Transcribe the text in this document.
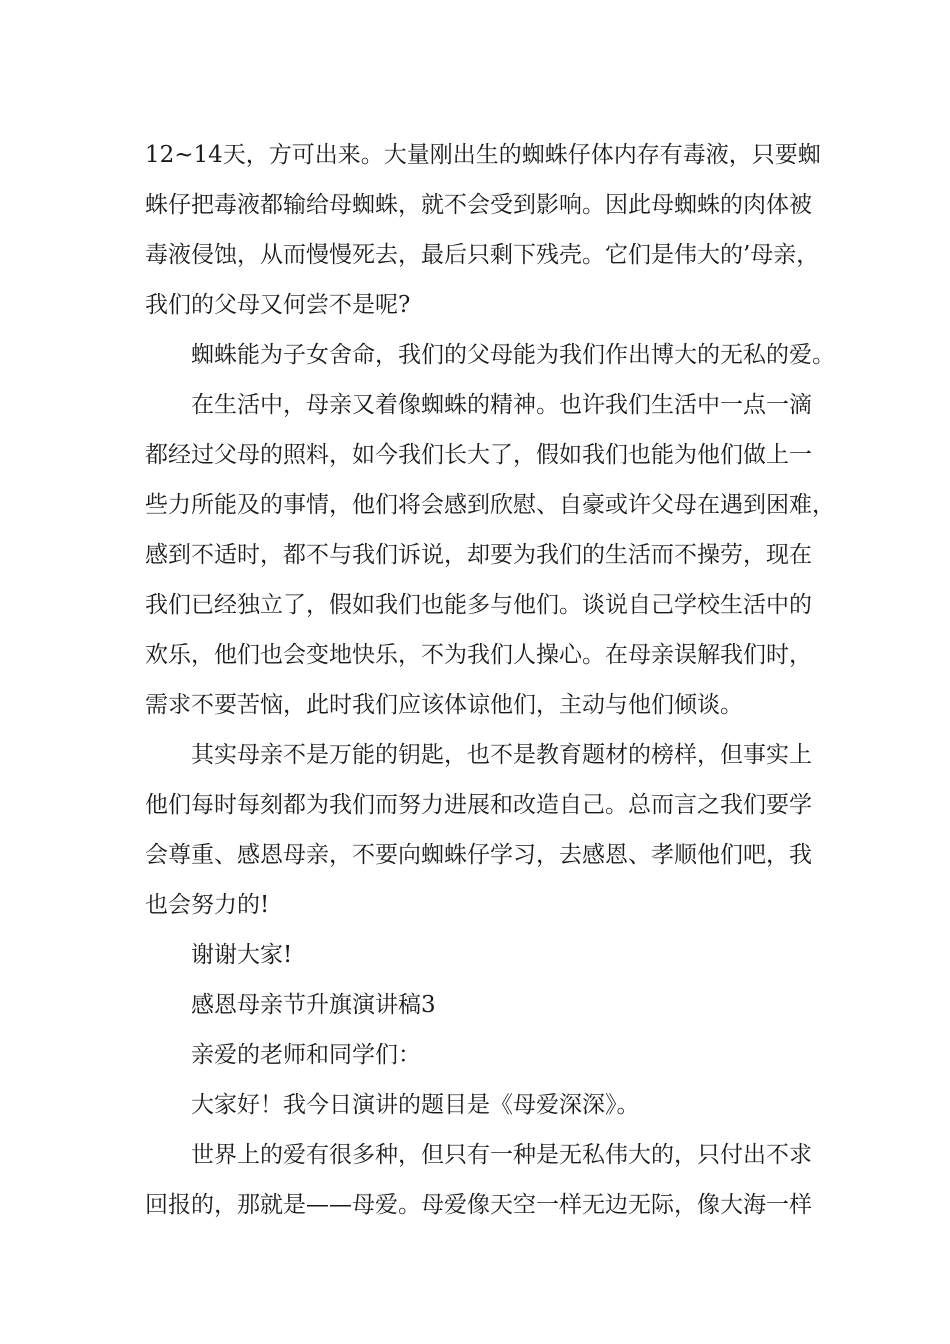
12~14天，方可出来。大量刚出生的蜘蛛仔体内存有毒液，只要蜘
蛛仔把毒液都输给母蜘蛛，就不会受到影响。因此母蜘蛛的肉体被
毒液侵蚀，从而慢慢死去，最后只剩下残壳。它们是伟大的’母亲，
我们的父母又何尝不是呢?
蜘蛛能为子女舍命，我们的父母能为我们作出博大的无私的爱。
在生活中，母亲又着像蜘蛛的精神。也许我们生活中一点一滴
都经过父母的照料，如今我们长大了，假如我们也能为他们做上一
些力所能及的事情，他们将会感到欣慰、自豪或许父母在遇到困难，
感到不适时，都不与我们诉说，却要为我们的生活而不操劳，现在
我们已经独立了，假如我们也能多与他们。谈说自己学校生活中的
欢乐，他们也会变地快乐，不为我们人操心。在母亲误解我们时，
需求不要苦恼，此时我们应该体谅他们，主动与他们倾谈。
其实母亲不是万能的钥匙，也不是教育题材的榜样，但事实上
他们每时每刻都为我们而努力进展和改造自己。总而言之我们要学
会尊重、感恩母亲，不要向蜘蛛仔学习，去感恩、孝顺他们吧，我
也会努力的!
谢谢大家!
感恩母亲节升旗演讲稿3
亲爱的老师和同学们：
大家好！我今日演讲的题目是《母爱深深》。
世界上的爱有很多种，但只有一种是无私伟大的，只付出不求
回报的，那就是——母爱。母爱像天空一样无边无际，像大海一样
